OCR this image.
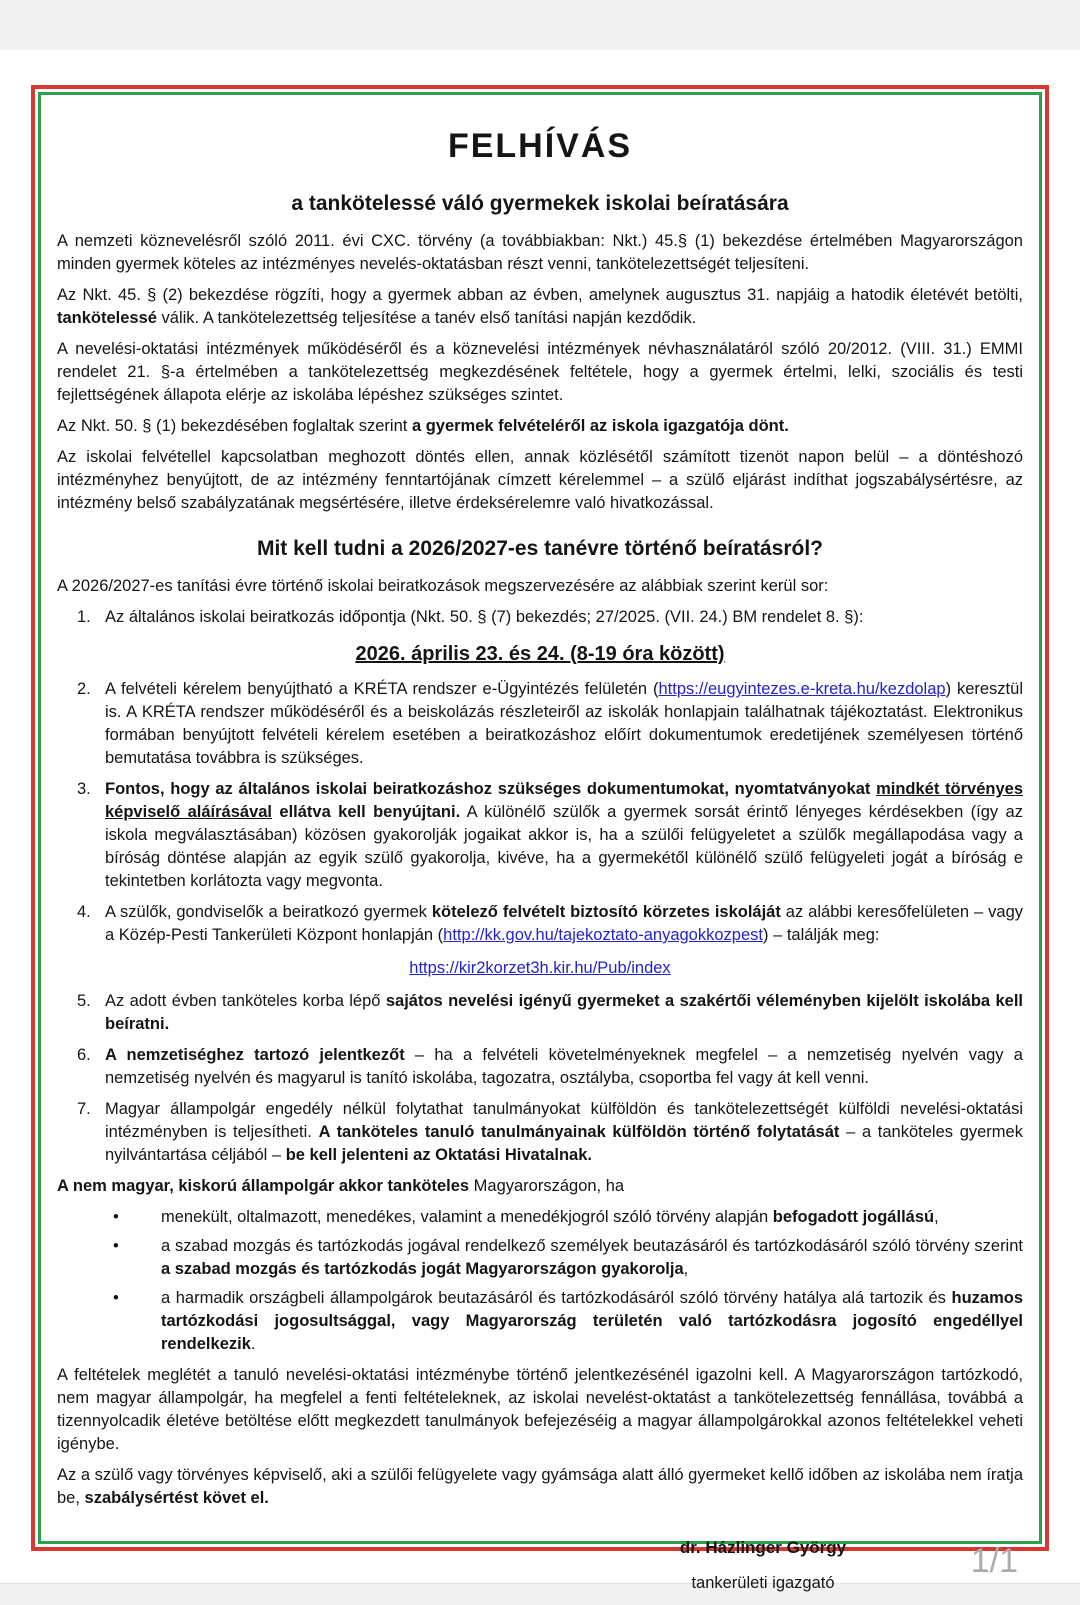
FELHÍVÁS
a tankötelessé váló gyermekek iskolai beíratására

A nemzeti köznevelésről szóló 2011. évi CXC. törvény (a továbbiakban: Nkt.) 45.§ (1) bekezdése értelmében Magyarországon minden gyermek köteles az intézményes nevelés-oktatásban részt venni, tankötelezettségét teljesíteni.

Az Nkt. 45. § (2) bekezdése rögzíti, hogy a gyermek abban az évben, amelynek augusztus 31. napjáig a hatodik életévét betölti, tankötelessé válik. A tankötelezettség teljesítése a tanév első tanítási napján kezdődik.

A nevelési-oktatási intézmények működéséről és a köznevelési intézmények névhasználatáról szóló 20/2012. (VIII. 31.) EMMI rendelet 21. §-a értelmében a tankötelezettség megkezdésének feltétele, hogy a gyermek értelmi, lelki, szociális és testi fejlettségének állapota elérje az iskolába lépéshez szükséges szintet.

Az Nkt. 50. § (1) bekezdésében foglaltak szerint a gyermek felvételéről az iskola igazgatója dönt.

Az iskolai felvétellel kapcsolatban meghozott döntés ellen, annak közlésétől számított tizenöt napon belül – a döntéshozó intézményhez benyújtott, de az intézmény fenntartójának címzett kérelemmel – a szülő eljárást indíthat jogszabálysértésre, az intézmény belső szabályzatának megsértésére, illetve érdeksérelemre való hivatkozással.

Mit kell tudni a 2026/2027-es tanévre történő beíratásról?

A 2026/2027-es tanítási évre történő iskolai beiratkozások megszervezésére az alábbiak szerint kerül sor:

1. Az általános iskolai beiratkozás időpontja (Nkt. 50. § (7) bekezdés; 27/2025. (VII. 24.) BM rendelet 8. §):
2026. április 23. és 24. (8-19 óra között)
2. A felvételi kérelem benyújtható a KRÉTA rendszer e-Ügyintézés felületén (https://eugyintezes.e-kreta.hu/kezdolap) keresztül is. A KRÉTA rendszer működéséről és a beiskolázás részleteiről az iskolák honlapjain találhatnak tájékoztatást. Elektronikus formában benyújtott felvételi kérelem esetében a beiratkozáshoz előírt dokumentumok eredetijének személyesen történő bemutatása továbbra is szükséges.
3. Fontos, hogy az általános iskolai beiratkozáshoz szükséges dokumentumokat, nyomtatványokat mindkét törvényes képviselő aláírásával ellátva kell benyújtani. A különélő szülők a gyermek sorsát érintő lényeges kérdésekben (így az iskola megválasztásában) közösen gyakorolják jogaikat akkor is, ha a szülői felügyeletet a szülők megállapodása vagy a bíróság döntése alapján az egyik szülő gyakorolja, kivéve, ha a gyermekétől különélő szülő felügyeleti jogát a bíróság e tekintetben korlátozta vagy megvonta.
4. A szülők, gondviselők a beiratkozó gyermek kötelező felvételt biztosító körzetes iskoláját az alábbi keresőfelületen – vagy a Közép-Pesti Tankerületi Központ honlapján (http://kk.gov.hu/tajekoztato-anyagokkozpest) – találják meg:
https://kir2korzet3h.kir.hu/Pub/index
5. Az adott évben tanköteles korba lépő sajátos nevelési igényű gyermeket a szakértői véleményben kijelölt iskolába kell beíratni.
6. A nemzetiséghez tartozó jelentkezőt – ha a felvételi követelményeknek megfelel – a nemzetiség nyelvén vagy a nemzetiség nyelvén és magyarul is tanító iskolába, tagozatra, osztályba, csoportba fel vagy át kell venni.
7. Magyar állampolgár engedély nélkül folytathat tanulmányokat külföldön és tankötelezettségét külföldi nevelési-oktatási intézményben is teljesítheti. A tanköteles tanuló tanulmányainak külföldön történő folytatását – a tanköteles gyermek nyilvántartása céljából – be kell jelenteni az Oktatási Hivatalnak.

A nem magyar, kiskorú állampolgár akkor tanköteles Magyarországon, ha

•	menekült, oltalmazott, menedékes, valamint a menedékjogról szóló törvény alapján befogadott jogállású,
•	a szabad mozgás és tartózkodás jogával rendelkező személyek beutazásáról és tartózkodásáról szóló törvény szerint a szabad mozgás és tartózkodás jogát Magyarországon gyakorolja,
•	a harmadik országbeli állampolgárok beutazásáról és tartózkodásáról szóló törvény hatálya alá tartozik és huzamos tartózkodási jogosultsággal, vagy Magyarország területén való tartózkodásra jogosító engedéllyel rendelkezik.

A feltételek meglétét a tanuló nevelési-oktatási intézménybe történő jelentkezésénél igazolni kell. A Magyarországon tartózkodó, nem magyar állampolgár, ha megfelel a fenti feltételeknek, az iskolai nevelést-oktatást a tankötelezettség fennállása, továbbá a tizennyolcadik életéve betöltése előtt megkezdett tanulmányok befejezéséig a magyar állampolgárokkal azonos feltételekkel veheti igénybe.

Az a szülő vagy törvényes képviselő, aki a szülői felügyelete vagy gyámsága alatt álló gyermeket kellő időben az iskolába nem íratja be, szabálysértést követ el.

dr. Házlinger György
tankerületi igazgató
1/1
